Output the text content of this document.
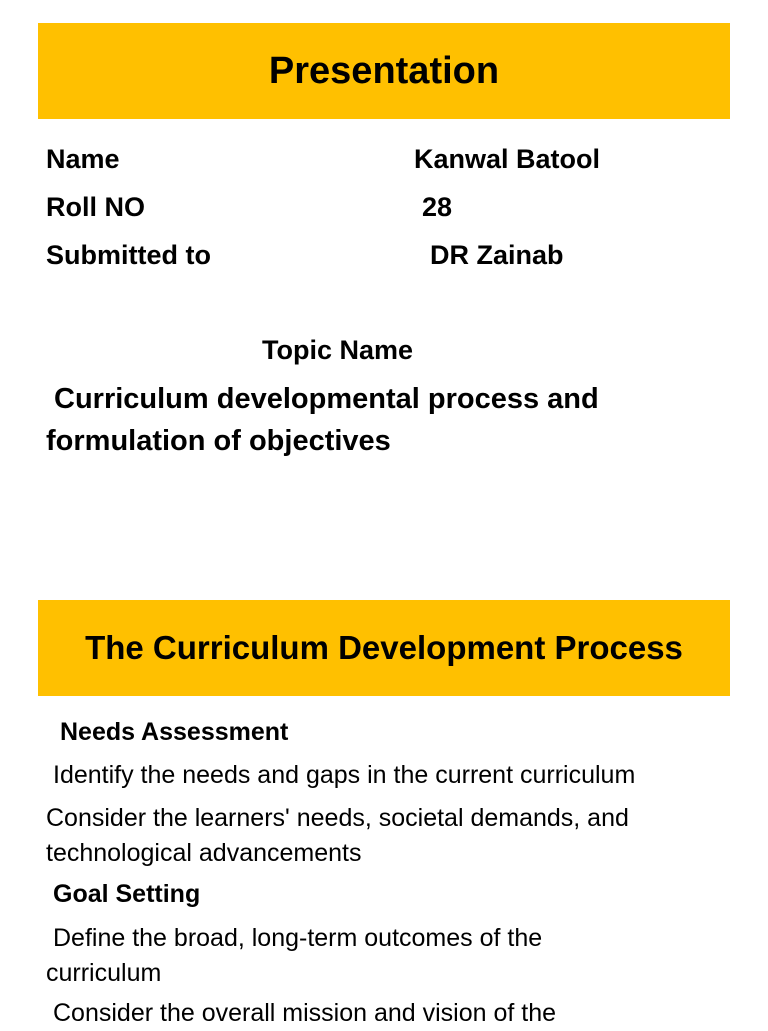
Presentation
Name	Kanwal Batool
Roll NO	28
Submitted to	DR Zainab
Topic Name
Curriculum developmental process and
formulation of objectives
The Curriculum Development Process
Needs Assessment
Identify the needs and gaps in the current curriculum
Consider the learners' needs, societal demands, and
technological advancements
Goal Setting
Define the broad, long-term outcomes of the
curriculum
Consider the overall mission and vision of the
